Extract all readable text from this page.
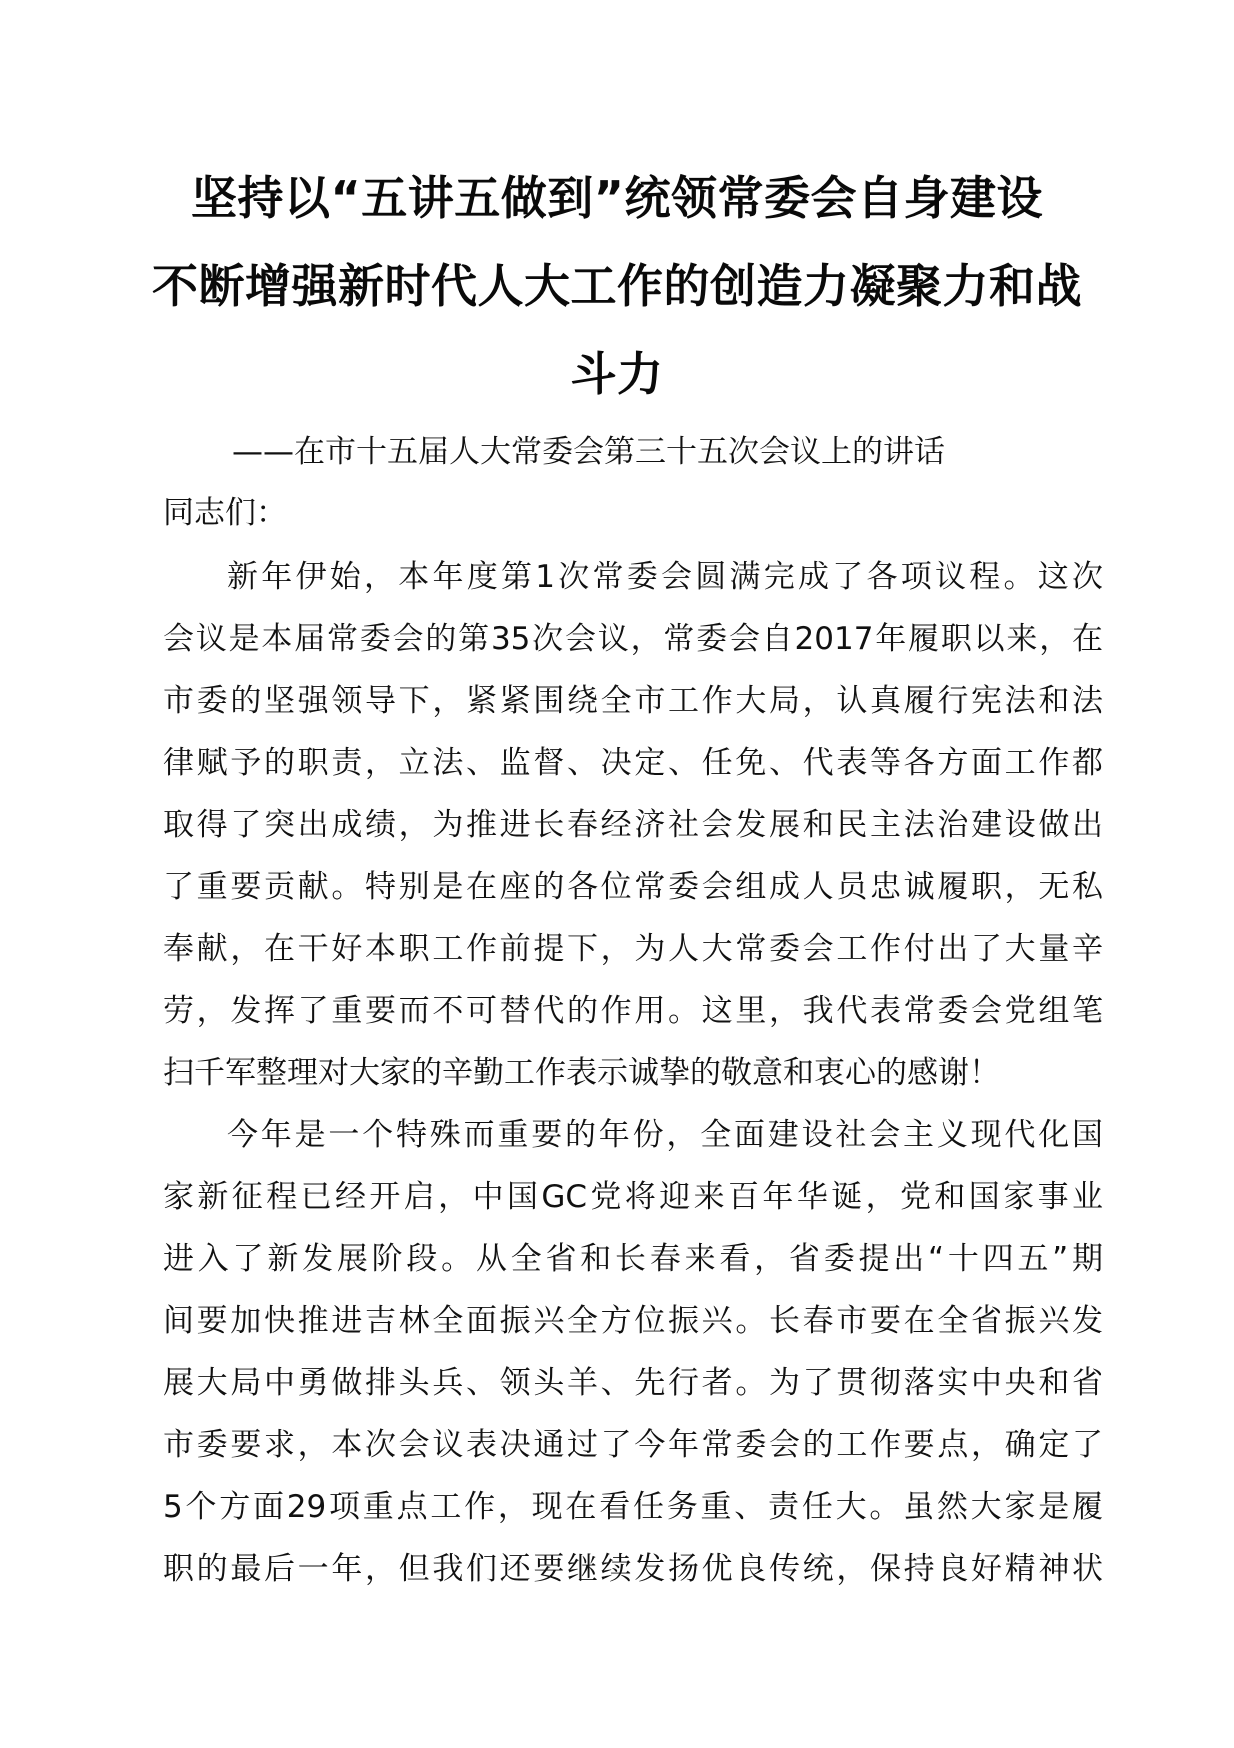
坚持以“五讲五做到”统领常委会自身建设
不断增强新时代人大工作的创造力凝聚力和战
斗力
——在市十五届人大常委会第三十五次会议上的讲话
同志们：
新年伊始，本年度第1次常委会圆满完成了各项议程。这次
会议是本届常委会的第35次会议，常委会自2017年履职以来，在
市委的坚强领导下，紧紧围绕全市工作大局，认真履行宪法和法
律赋予的职责，立法、监督、决定、任免、代表等各方面工作都
取得了突出成绩，为推进长春经济社会发展和民主法治建设做出
了重要贡献。特别是在座的各位常委会组成人员忠诚履职，无私
奉献，在干好本职工作前提下，为人大常委会工作付出了大量辛
劳，发挥了重要而不可替代的作用。这里，我代表常委会党组笔
扫千军整理对大家的辛勤工作表示诚挚的敬意和衷心的感谢！
今年是一个特殊而重要的年份，全面建设社会主义现代化国
家新征程已经开启，中国GC党将迎来百年华诞，党和国家事业
进入了新发展阶段。从全省和长春来看，省委提出“十四五”期
间要加快推进吉林全面振兴全方位振兴。长春市要在全省振兴发
展大局中勇做排头兵、领头羊、先行者。为了贯彻落实中央和省
市委要求，本次会议表决通过了今年常委会的工作要点，确定了
5个方面29项重点工作，现在看任务重、责任大。虽然大家是履
职的最后一年，但我们还要继续发扬优良传统，保持良好精神状
